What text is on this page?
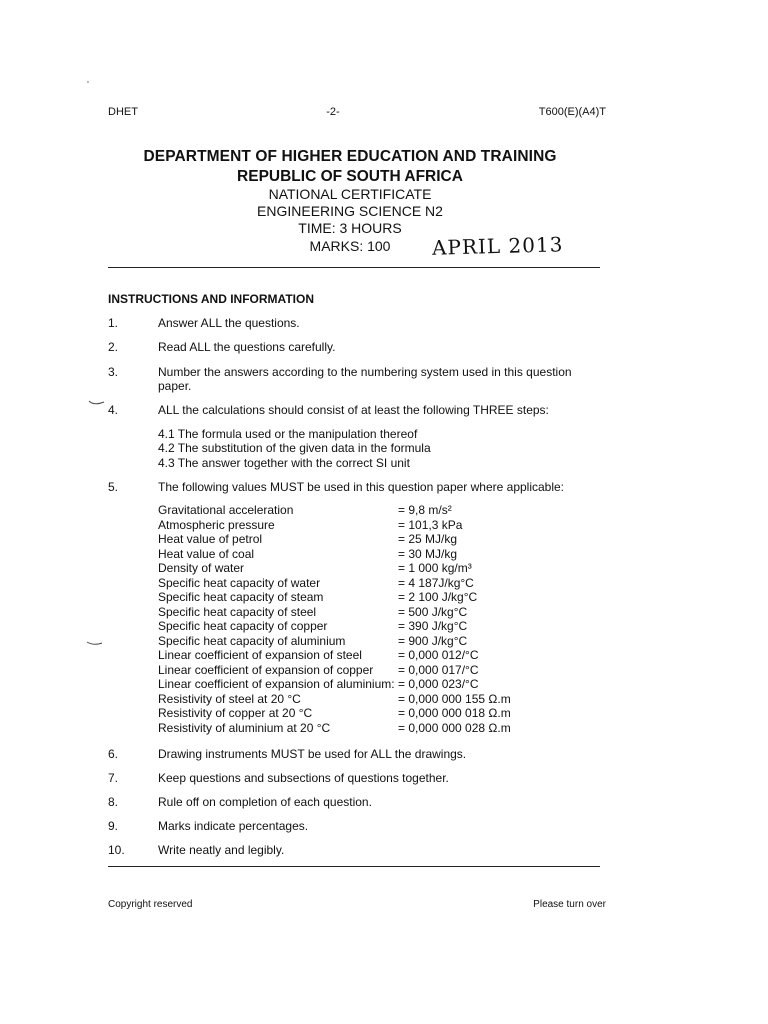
DHET	-2-	T600(E)(A4)T
DEPARTMENT OF HIGHER EDUCATION AND TRAINING
REPUBLIC OF SOUTH AFRICA
NATIONAL CERTIFICATE
ENGINEERING SCIENCE N2
TIME: 3 HOURS
MARKS: 100	APRIL 2013
INSTRUCTIONS AND INFORMATION
1.	Answer ALL the questions.
2.	Read ALL the questions carefully.
3.	Number the answers according to the numbering system used in this question paper.
4.	ALL the calculations should consist of at least the following THREE steps:
4.1 The formula used or the manipulation thereof
4.2 The substitution of the given data in the formula
4.3 The answer together with the correct SI unit
5.	The following values MUST be used in this question paper where applicable:
Gravitational acceleration	= 9,8 m/s²
Atmospheric pressure	= 101,3 kPa
Heat value of petrol	= 25 MJ/kg
Heat value of coal	= 30 MJ/kg
Density of water	= 1 000 kg/m³
Specific heat capacity of water	= 4 187J/kg°C
Specific heat capacity of steam	= 2 100 J/kg°C
Specific heat capacity of steel	= 500 J/kg°C
Specific heat capacity of copper	= 390 J/kg°C
Specific heat capacity of aluminium	= 900 J/kg°C
Linear coefficient of expansion of steel	= 0,000 012/°C
Linear coefficient of expansion of copper = 0,000 017/°C
Linear coefficient of expansion of aluminium: = 0,000 023/°C
Resistivity of steel at 20 °C	= 0,000 000 155 Ω.m
Resistivity of copper at 20 °C	= 0,000 000 018 Ω.m
Resistivity of aluminium at 20 °C	= 0,000 000 028 Ω.m
6.	Drawing instruments MUST be used for ALL the drawings.
7.	Keep questions and subsections of questions together.
8.	Rule off on completion of each question.
9.	Marks indicate percentages.
10.	Write neatly and legibly.
Copyright reserved	Please turn over
